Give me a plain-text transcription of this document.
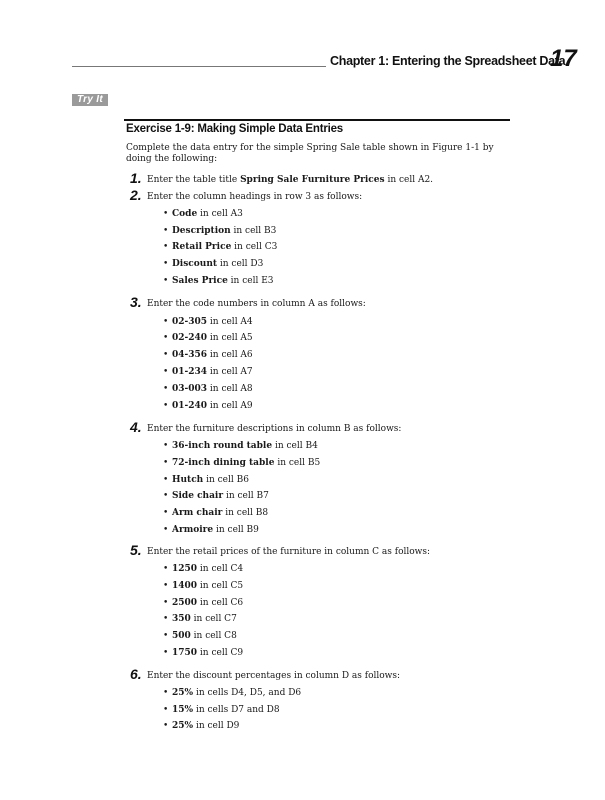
Chapter 1: Entering the Spreadsheet Data
17
Try It
Exercise 1-9: Making Simple Data Entries
Complete the data entry for the simple Spring Sale table shown in Figure 1-1 by doing the following:
1. Enter the table title Spring Sale Furniture Prices in cell A2.
2. Enter the column headings in row 3 as follows:
• Code in cell A3
• Description in cell B3
• Retail Price in cell C3
• Discount in cell D3
• Sales Price in cell E3
3. Enter the code numbers in column A as follows:
• 02-305 in cell A4
• 02-240 in cell A5
• 04-356 in cell A6
• 01-234 in cell A7
• 03-003 in cell A8
• 01-240 in cell A9
4. Enter the furniture descriptions in column B as follows:
• 36-inch round table in cell B4
• 72-inch dining table in cell B5
• Hutch in cell B6
• Side chair in cell B7
• Arm chair in cell B8
• Armoire in cell B9
5. Enter the retail prices of the furniture in column C as follows:
• 1250 in cell C4
• 1400 in cell C5
• 2500 in cell C6
• 350 in cell C7
• 500 in cell C8
• 1750 in cell C9
6. Enter the discount percentages in column D as follows:
• 25% in cells D4, D5, and D6
• 15% in cells D7 and D8
• 25% in cell D9
